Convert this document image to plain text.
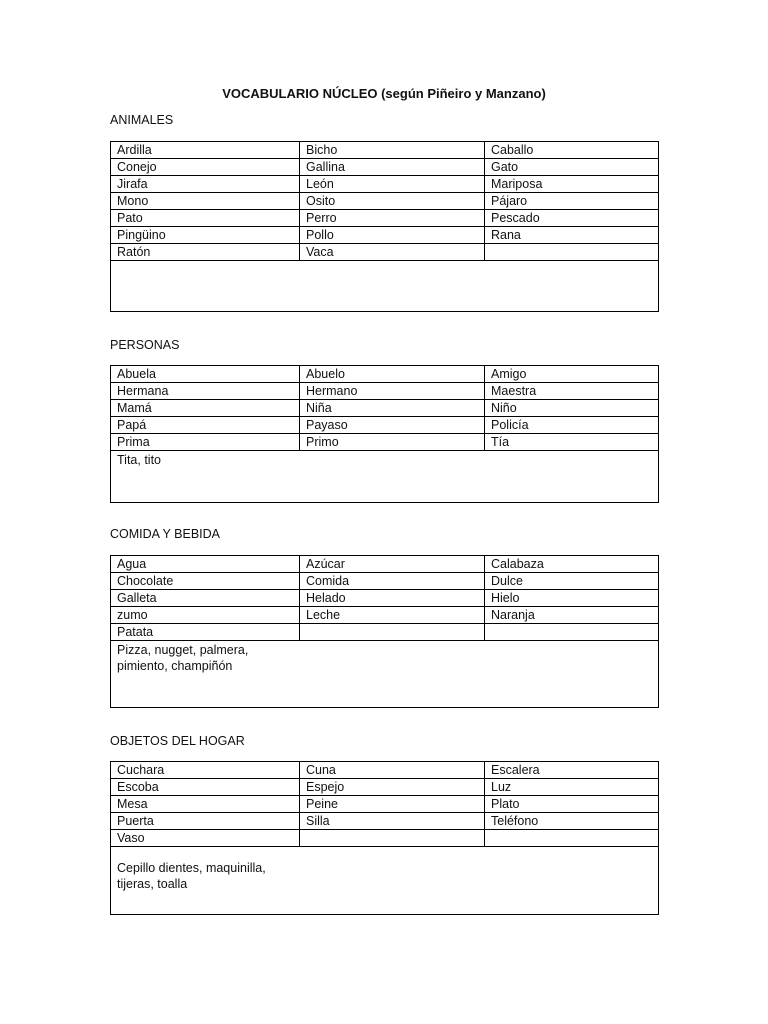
VOCABULARIO NÚCLEO (según Piñeiro y Manzano)
ANIMALES
Ardilla	Bicho	Caballo
Conejo	Gallina	Gato
Jirafa	León	Mariposa
Mono	Osito	Pájaro
Pato	Perro	Pescado
Pingüino	Pollo	Rana
Ratón	Vaca	

PERSONAS
Abuela	Abuelo	Amigo
Hermana	Hermano	Maestra
Mamá	Niña	Niño
Papá	Payaso	Policía
Prima	Primo	Tía

Tita, tito		
COMIDA Y BEBIDA
Agua	Azúcar	Calabaza
Chocolate	Comida	Dulce
Galleta	Helado	Hielo
zumo	Leche	Naranja
Patata		

Pizza, nugget, palmera,
pimiento, champiñón		
OBJETOS DEL HOGAR
Cuchara	Cuna	Escalera
Escoba	Espejo	Luz
Mesa	Peine	Plato
Puerta	Silla	Teléfono
Vaso		

Cepillo dientes, maquinilla,
tijeras, toalla		
